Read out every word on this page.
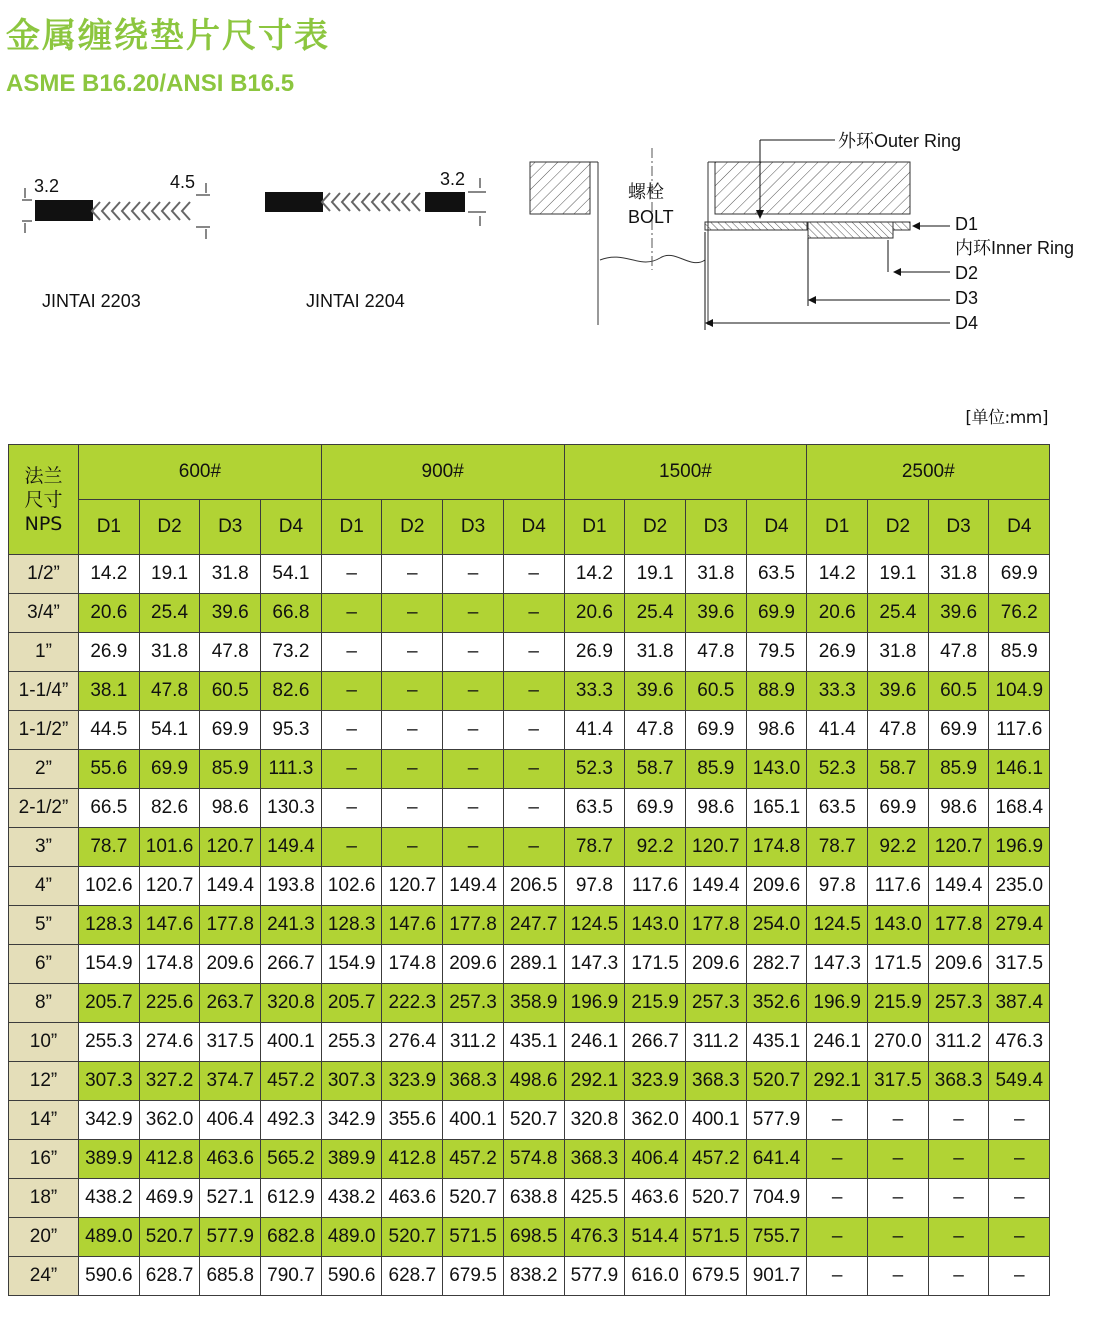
金属缠绕垫片尺寸表
ASME B16.20/ANSI B16.5
3.2	4.5
JINTAI 2203
3.2
JINTAI 2204
外环Outer Ring
螺栓
BOLT	D1
内环Inner Ring
D2
D3
D4
[单位:mm]
法兰
尺寸
NPS	600#				900#				1500#				2500#			
	D1	D2	D3	D4	D1	D2	D3	D4	D1	D2	D3	D4	D1	D2	D3	D4
1/2”	14.2	19.1	31.8	54.1	–	–	–	–	14.2	19.1	31.8	63.5	14.2	19.1	31.8	69.9
3/4”	20.6	25.4	39.6	66.8	–	–	–	–	20.6	25.4	39.6	69.9	20.6	25.4	39.6	76.2
1”	26.9	31.8	47.8	73.2	–	–	–	–	26.9	31.8	47.8	79.5	26.9	31.8	47.8	85.9
1-1/4”	38.1	47.8	60.5	82.6	–	–	–	–	33.3	39.6	60.5	88.9	33.3	39.6	60.5	104.9
1-1/2”	44.5	54.1	69.9	95.3	–	–	–	–	41.4	47.8	69.9	98.6	41.4	47.8	69.9	117.6
2”	55.6	69.9	85.9	111.3	–	–	–	–	52.3	58.7	85.9	143.0	52.3	58.7	85.9	146.1
2-1/2”	66.5	82.6	98.6	130.3	–	–	–	–	63.5	69.9	98.6	165.1	63.5	69.9	98.6	168.4
3”	78.7	101.6	120.7	149.4	–	–	–	–	78.7	92.2	120.7	174.8	78.7	92.2	120.7	196.9
4”	102.6	120.7	149.4	193.8	102.6	120.7	149.4	206.5	97.8	117.6	149.4	209.6	97.8	117.6	149.4	235.0
5”	128.3	147.6	177.8	241.3	128.3	147.6	177.8	247.7	124.5	143.0	177.8	254.0	124.5	143.0	177.8	279.4
6”	154.9	174.8	209.6	266.7	154.9	174.8	209.6	289.1	147.3	171.5	209.6	282.7	147.3	171.5	209.6	317.5
8”	205.7	225.6	263.7	320.8	205.7	222.3	257.3	358.9	196.9	215.9	257.3	352.6	196.9	215.9	257.3	387.4
10”	255.3	274.6	317.5	400.1	255.3	276.4	311.2	435.1	246.1	266.7	311.2	435.1	246.1	270.0	311.2	476.3
12”	307.3	327.2	374.7	457.2	307.3	323.9	368.3	498.6	292.1	323.9	368.3	520.7	292.1	317.5	368.3	549.4
14”	342.9	362.0	406.4	492.3	342.9	355.6	400.1	520.7	320.8	362.0	400.1	577.9	–	–	–	–
16”	389.9	412.8	463.6	565.2	389.9	412.8	457.2	574.8	368.3	406.4	457.2	641.4	–	–	–	–
18”	438.2	469.9	527.1	612.9	438.2	463.6	520.7	638.8	425.5	463.6	520.7	704.9	–	–	–	–
20”	489.0	520.7	577.9	682.8	489.0	520.7	571.5	698.5	476.3	514.4	571.5	755.7	–	–	–	–
24”	590.6	628.7	685.8	790.7	590.6	628.7	679.5	838.2	577.9	616.0	679.5	901.7	–	–	–	–
